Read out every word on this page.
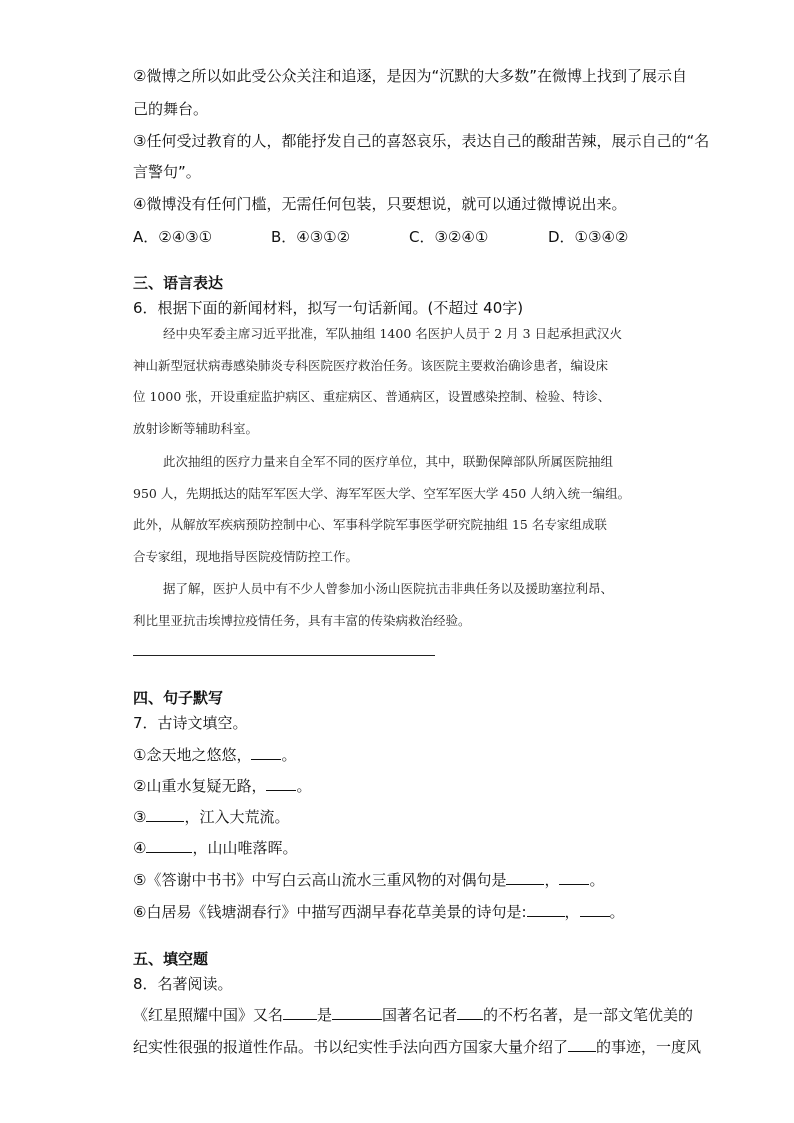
②微博之所以如此受公众关注和追逐，是因为“沉默的大多数”在微博上找到了展示自
己的舞台。
③任何受过教育的人，都能抒发自己的喜怒哀乐，表达自己的酸甜苦辣，展示自己的“名
言警句”。
④微博没有任何门槛，无需任何包装，只要想说，就可以通过微博说出来。
A．②④③①	B．④③①②	C．③②④①	D．①③④②
三、语言表达
6．根据下面的新闻材料，拟写一句话新闻。(不超过 40字)
经中央军委主席习近平批准，军队抽组 1400 名医护人员于 2 月 3 日起承担武汉火
神山新型冠状病毒感染肺炎专科医院医疗救治任务。该医院主要救治确诊患者，编设床
位 1000 张，开设重症监护病区、重症病区、普通病区，设置感染控制、检验、特诊、
放射诊断等辅助科室。
此次抽组的医疗力量来自全军不同的医疗单位，其中，联勤保障部队所属医院抽组
950 人，先期抵达的陆军军医大学、海军军医大学、空军军医大学 450 人纳入统一编组。
此外，从解放军疾病预防控制中心、军事科学院军事医学研究院抽组 15 名专家组成联
合专家组，现地指导医院疫情防控工作。
据了解，医护人员中有不少人曾参加小汤山医院抗击非典任务以及援助塞拉利昂、
利比里亚抗击埃博拉疫情任务，具有丰富的传染病救治经验。
四、句子默写
7．古诗文填空。
①念天地之悠悠， 。
②山重水复疑无路， 。
③	，江入大荒流。
④	，山山唯落晖。
⑤《答谢中书书》中写白云高山流水三重风物的对偶句是	， 。
⑥白居易《钱塘湖春行》中描写西湖早春花草美景的诗句是:	， 。
五、填空题
8．名著阅读。
《红星照耀中国》又名 是	国著名记者 的不朽名著，是一部文笔优美的
纪实性很强的报道性作品。书以纪实性手法向西方国家大量介绍了 的事迹，一度风
